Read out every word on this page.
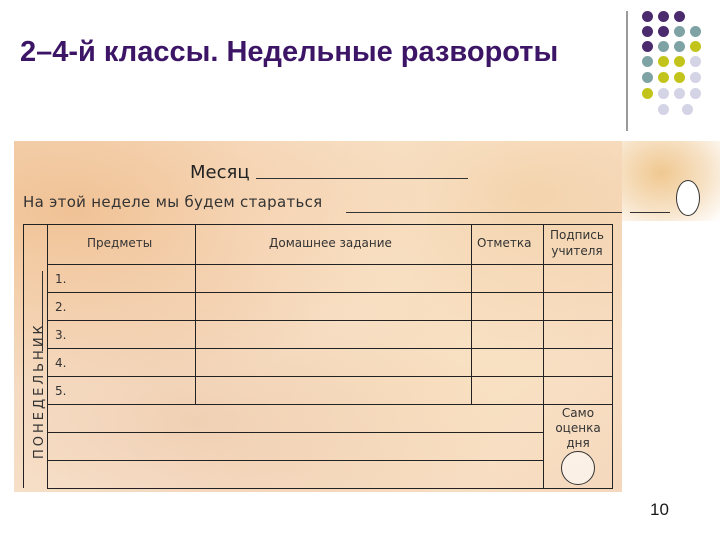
2–4-й классы. Недельные развороты
Месяц
На этой неделе мы будем стараться
Предметы	Домашнее задание	Отметка
Подпись учителя
1.
2.
3.
4.
5.
Само оценка дня
ПОНЕДЕЛЬНИК
10
